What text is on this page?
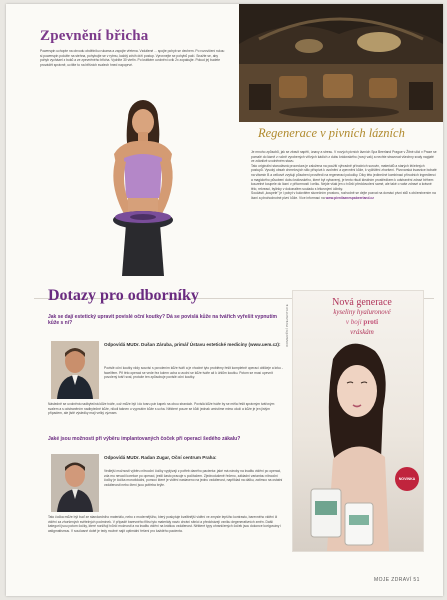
Zpevnění břicha

Powerspin uchopte na obvodu obdělníku rukama a zapojte vřetena. Vzdálené ... spojte pohyb se dechem. Po rozcvičení rukou si powerspin položte na stehna, pohybujte se v rytmu, každý zdvih drží postup. Vyrovnejte se pohybů paží. Snažte se, aby pohyb vycházel z boků a ze zpevněného břicha. Vydržte 30 vteřin. Po krátkém uvolnění cvik 2x zopakujte. Pokud jej budete provádět správně, ucítíte to na břišních svalech hned napoprvé.

Regenerace v pivních lázních

Je mnoho způsobů, jak se zbavit napětí, únavy a stresu. V nových pivních lázních Spa Beerland Prague v Žitné ulici v Praze se pomalé do lázně z ručně vyrobených vířivých kádích z dubu královského (nový vak) a nechte stravovat všechny svaly napjaté ve zdánlivě uvolněném stavu.

Tato originální starodávná procedura je založena na použití výhradně přírodních surovin, materiálů a starých léčebných postupů. Vysoký obsah chmelových silic příspívá k uvolnění a zpevnění kůže, k vyčištění zhoršení. Pivovarská kvasnice bohaté na vitamín B a celkově zvyšují působení prostředí na regeneraci pokožky. Díky této jedinečné kombinaci přírodních ingrediencí a magického působení dubu královského, které byl vybavený, je tento rituál ideálním prostředkem k odstranění zdraví během kouzelné koupele do lázní v přítomnosti i celku. Nejde však jen o tvůrčí předdovolení samé, ale také o vaše zdravé a krásné tělo, rekreaci, bylinky v dokonalém souladu s lékovnými účinky.

Součástí „koupele" je i pobyt v kulovitém slunečním prostoru, rozhodně se dejte pozvat na domácí pivní stůl s občerstvením na lázni a plnohodnotné pivní kůže. Více informací na www.pivnilaznespabeerland.cz

Dotazy pro odborníky

Jak se dají estetický upravit povislé oční koutky? Dá se povislá kůže na tvářích vyřešit vypnutím kůže s ní?

Odpovídá MUDr. Dušan Záruba, primář Ústavu estetické medicíny (www.uem.cz):

Povislé oční koutky vždy souvisí s povolením kůže tváří a je vhodné tyto problémy řešit kompletně operací obličeje a krku - facelifem. Při této operaci se vede řez kolem ucha a uvolní se kůže tváře až k úhlům koutku. Potom se musí upevnit povolený tváří sval, protože ten způsobuje povislé oční koutky.

Následně se uvolněná nadbytečná kůže tváře, což může být i do tvaru pár kapek na obou stranách. Povislá kůže tváře by se měla řešit správným tvářovým svalem a s odstraněním nadbytečné kůže, nikoli taknen u vypnutím kůže s ucha. Některé pouze se kůží jednak umístíme mimo okolí a kůže je jen jistým případem, ale jistě výsledky mají velký význam.

Jaké jsou možnosti při výběru implantovaných čoček při operaci šedého zákalu?

Odpovídá MUDr. Radan Zugar, Oční centrum Praha:

Vedlejší možnosti výběru nitrooční čočky vyplývají z potřeb daného pacienta: jaké má nároky na kvalitu vidění po operaci, zda mu nevadí korekce po operaci, jestli často pracuje s počítačem. Zjednodušeně řečeno, základní variantou nitrooční čočky je čočka monofokální, pomocí které je vidění nastaveno na jednu vzdálenost, například na dálku, zatímco na ostatní vzdálenosti nebo čtení jsou potřeba brýle.

Tato čočka může být buď ze standardního materiálu, nebo z modernějšího, který poskytuje kvalitnější vidění ve zmysle lepšího kontrastu, barevného vidění či vidění za zhoršených světelných podmínek. V případě barevného filtru tyto materiály navíc chrání sítnici a předcházejí vzniku degenerativních změn. Další kategorií jsou potom čočky, které rozšiřují tvůrčí možnosti a na kvalitu vidění na krátkou vzdálenost. Některé typy ohraničených čoček jsou dokonce korigovány i astigmatismus. V současné době je tedy možné najít optimální řešení pro každého pacienta.

KOMERČNÍ PREZENTACE
Nová generace
kyseliny hyaluronové
v boji proti
vráskám
NOVINKA
MOJE ZDRAVÍ 51
